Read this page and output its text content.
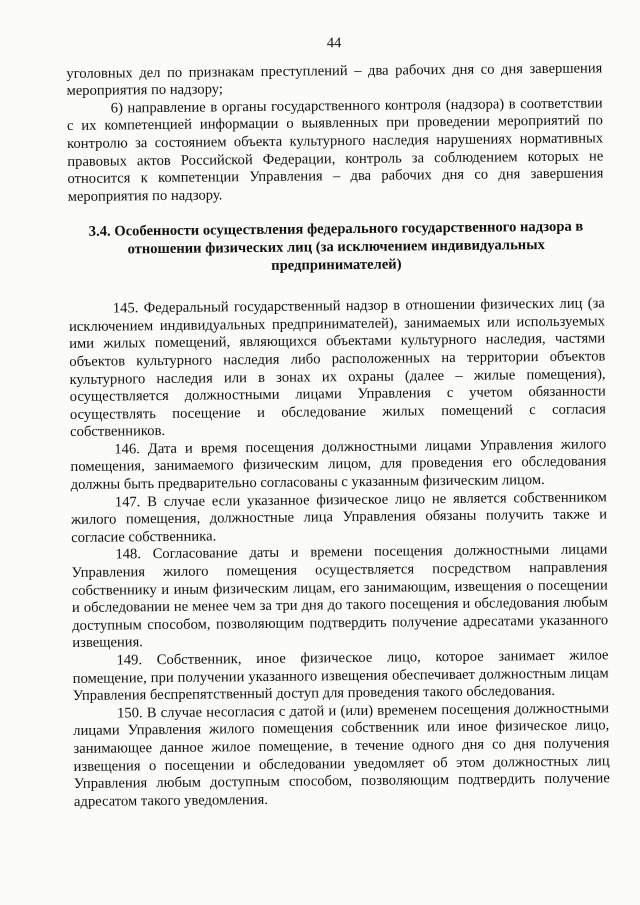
44

уголовных дел по признакам преступлений – два рабочих дня со дня завершения мероприятия по надзору;

6) направление в органы государственного контроля (надзора) в соответствии с их компетенцией информации о выявленных при проведении мероприятий по контролю за состоянием объекта культурного наследия нарушениях нормативных правовых актов Российской Федерации, контроль за соблюдением которых не относится к компетенции Управления – два рабочих дня со дня завершения мероприятия по надзору.

3.4. Особенности осуществления федерального государственного надзора в отношении физических лиц (за исключением индивидуальных предпринимателей)

145. Федеральный государственный надзор в отношении физических лиц (за исключением индивидуальных предпринимателей), занимаемых или используемых ими жилых помещений, являющихся объектами культурного наследия, частями объектов культурного наследия либо расположенных на территории объектов культурного наследия или в зонах их охраны (далее – жилые помещения), осуществляется должностными лицами Управления с учетом обязанности осуществлять посещение и обследование жилых помещений с согласия собственников.

146. Дата и время посещения должностными лицами Управления жилого помещения, занимаемого физическим лицом, для проведения его обследования должны быть предварительно согласованы с указанным физическим лицом.

147. В случае если указанное физическое лицо не является собственником жилого помещения, должностные лица Управления обязаны получить также и согласие собственника.

148. Согласование даты и времени посещения должностными лицами Управления жилого помещения осуществляется посредством направления собственнику и иным физическим лицам, его занимающим, извещения о посещении и обследовании не менее чем за три дня до такого посещения и обследования любым доступным способом, позволяющим подтвердить получение адресатами указанного извещения.

149. Собственник, иное физическое лицо, которое занимает жилое помещение, при получении указанного извещения обеспечивает должностным лицам Управления беспрепятственный доступ для проведения такого обследования.

150. В случае несогласия с датой и (или) временем посещения должностными лицами Управления жилого помещения собственник или иное физическое лицо, занимающее данное жилое помещение, в течение одного дня со дня получения извещения о посещении и обследовании уведомляет об этом должностных лиц Управления любым доступным способом, позволяющим подтвердить получение адресатом такого уведомления.
